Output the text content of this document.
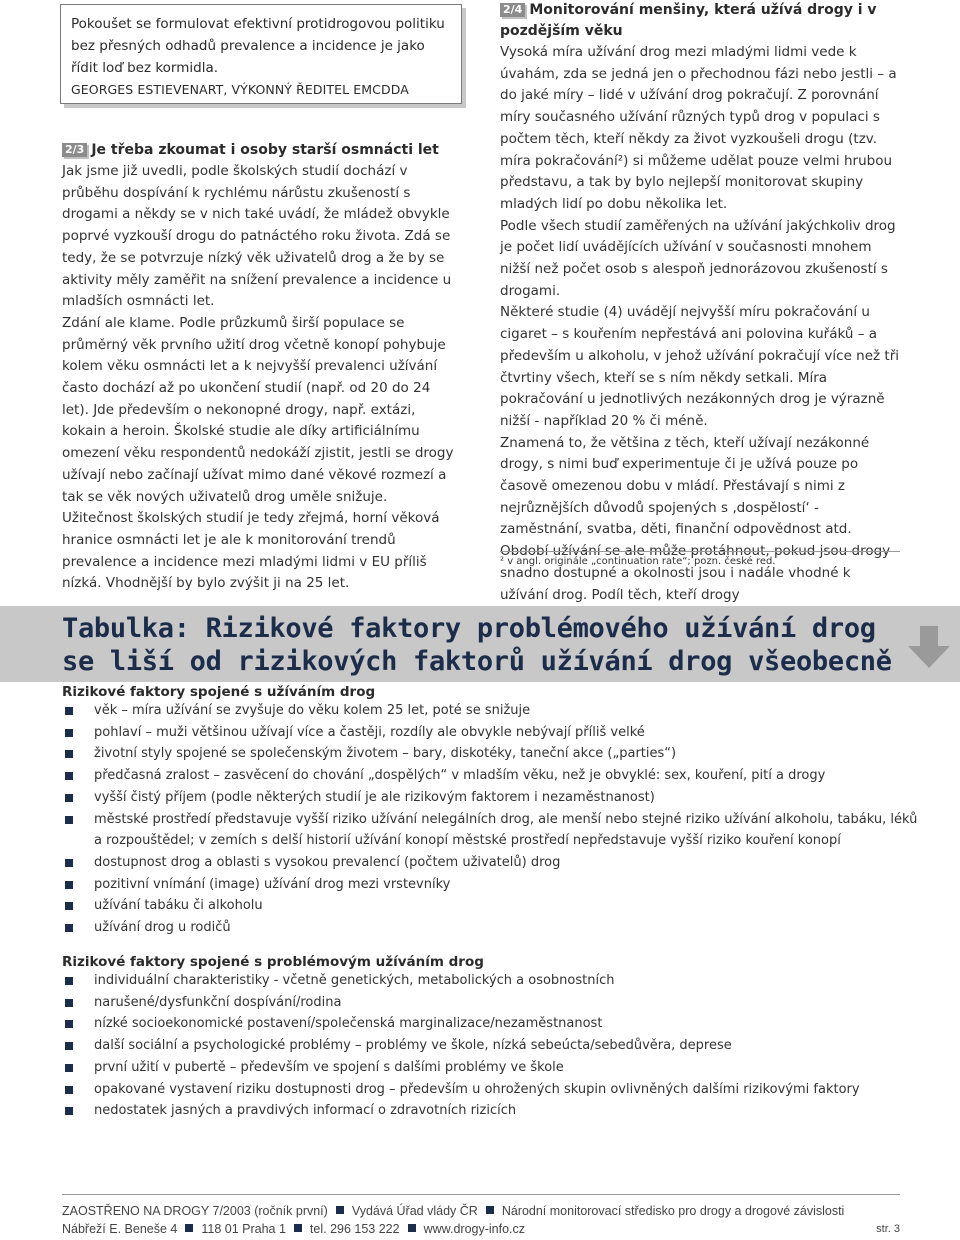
Pokoušet se formulovat efektivní protidrogovou politiku bez přesných odhadů prevalence a incidence je jako řídit loď bez kormidla.
GEORGES ESTIEVENART, VÝKONNÝ ŘEDITEL EMCDDA
2/3 Je třeba zkoumat i osoby starší osmnácti let

Jak jsme již uvedli, podle školských studií dochází v průběhu dospívání k rychlému nárůstu zkušeností s drogami a někdy se v nich také uvádí, že mládež obvykle poprvé vyzkouší drogu do patnáctého roku života. Zdá se tedy, že se potvrzuje nízký věk uživatelů drog a že by se aktivity měly zaměřit na snížení prevalence a incidence u mladších osmnácti let.

Zdání ale klame. Podle průzkumů širší populace se průměrný věk prvního užití drog včetně konopí pohybuje kolem věku osmnácti let a k nejvyšší prevalenci užívání často dochází až po ukončení studií (např. od 20 do 24 let). Jde především o nekonopné drogy, např. extázi, kokain a heroin. Školské studie ale díky artificiálnímu omezení věku respondentů nedokáží zjistit, jestli se drogy užívají nebo začínají užívat mimo dané věkové rozmezí a tak se věk nových uživatelů drog uměle snižuje.

Užitečnost školských studií je tedy zřejmá, horní věková hranice osmnácti let je ale k monitorování trendů prevalence a incidence mezi mladými lidmi v EU příliš nízká. Vhodnější by bylo zvýšit ji na 25 let.

2/4 Monitorování menšiny, která užívá drogy i v pozdějším věku

Vysoká míra užívání drog mezi mladými lidmi vede k úvahám, zda se jedná jen o přechodnou fázi nebo jestli – a do jaké míry – lidé v užívání drog pokračují. Z porovnání míry současného užívání různých typů drog v populaci s počtem těch, kteří někdy za život vyzkoušeli drogu (tzv. míra pokračování²) si můžeme udělat pouze velmi hrubou představu, a tak by bylo nejlepší monitorovat skupiny mladých lidí po dobu několika let.

Podle všech studií zaměřených na užívání jakýchkoliv drog je počet lidí uvádějících užívání v současnosti mnohem nižší než počet osob s alespoň jednorázovou zkušeností s drogami.

Některé studie (4) uvádějí nejvyšší míru pokračování u cigaret – s kouřením nepřestává ani polovina kuřáků – a především u alkoholu, v jehož užívání pokračují více než tři čtvrtiny všech, kteří se s ním někdy setkali. Míra pokračování u jednotlivých nezákonných drog je výrazně nižší - například 20 % či méně.

Znamená to, že většina z těch, kteří užívají nezákonné drogy, s nimi buď experimentuje či je užívá pouze po časově omezenou dobu v mládí. Přestávají s nimi z nejrůznějších důvodů spojených s ‚dospělostí‘ - zaměstnání, svatba, děti, finanční odpovědnost atd. Období užívání se ale může protáhnout, pokud jsou drogy snadno dostupné a okolnosti jsou i nadále vhodné k užívání drog. Podíl těch, kteří drogy

² v angl. originále „continuation rate“; pozn. české red.
Tabulka: Rizikové faktory problémového užívání drog se liší od rizikových faktorů užívání drog všeobecně
Rizikové faktory spojené s užíváním drog
věk – míra užívání se zvyšuje do věku kolem 25 let, poté se snižuje
pohlaví – muži většinou užívají více a častěji, rozdíly ale obvykle nebývají příliš velké
životní styly spojené se společenským životem – bary, diskotéky, taneční akce („parties“)
předčasná zralost – zasvěcení do chování „dospělých“ v mladším věku, než je obvyklé: sex, kouření, pití a drogy
vyšší čistý příjem (podle některých studií je ale rizikovým faktorem i nezaměstnanost)
městské prostředí představuje vyšší riziko užívání nelegálních drog, ale menší nebo stejné riziko užívání alkoholu, tabáku, léků a rozpouštědel; v zemích s delší historií užívání konopí městské prostředí nepředstavuje vyšší riziko kouření konopí
dostupnost drog a oblasti s vysokou prevalencí (počtem uživatelů) drog
pozitivní vnímání (image) užívání drog mezi vrstevníky
užívání tabáku či alkoholu
užívání drog u rodičů
Rizikové faktory spojené s problémovým užíváním drog
individuální charakteristiky - včetně genetických, metabolických a osobnostních
narušené/dysfunkční dospívání/rodina
nízké socioekonomické postavení/společenská marginalizace/nezaměstnanost
další sociální a psychologické problémy – problémy ve škole, nízká sebeúcta/sebedůvěra, deprese
první užití v pubertě – především ve spojení s dalšími problémy ve škole
opakované vystavení riziku dostupnosti drog – především u ohrožených skupin ovlivněných dalšími rizikovými faktory
nedostatek jasných a pravdivých informací o zdravotních rizicích
ZAOSTŘENO NA DROGY 7/2003 (ročník první) Vydává Úřad vlády ČR Národní monitorovací středisko pro drogy a drogové závislosti
Nábřeží E. Beneše 4 118 01 Praha 1 tel. 296 153 222 www.drogy-info.cz	str. 3
